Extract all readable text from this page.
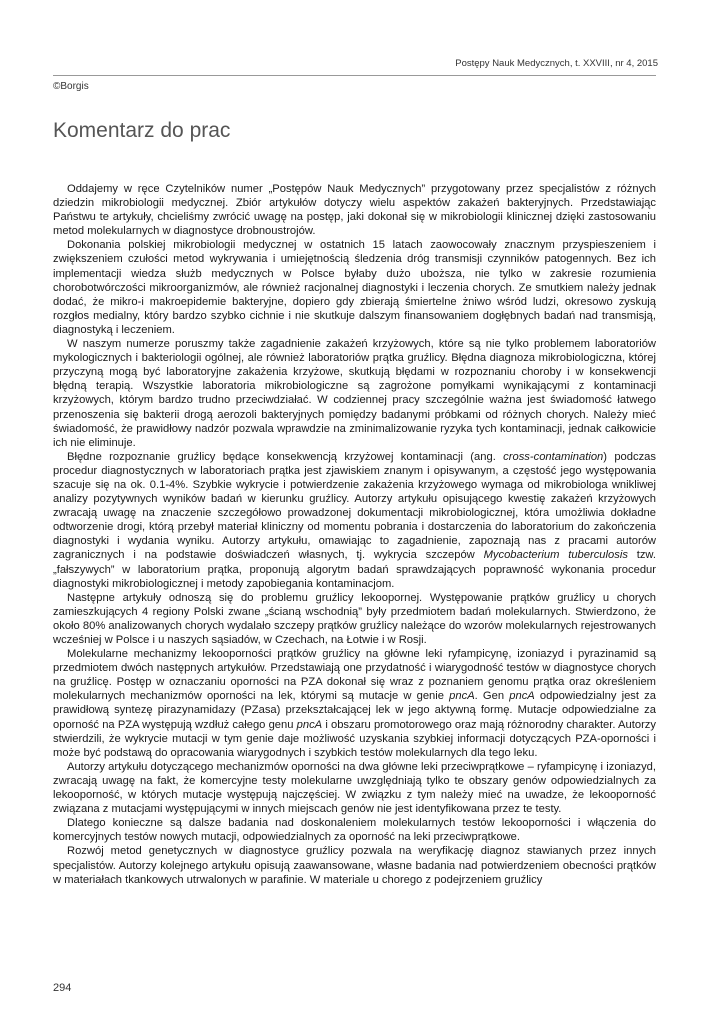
Postępy Nauk Medycznych, t. XXVIII, nr 4, 2015
©Borgis
Komentarz do prac

Oddajemy w ręce Czytelników numer „Postępów Nauk Medycznych” przygotowany przez specjalistów z różnych dziedzin mikrobiologii medycznej. Zbiór artykułów dotyczy wielu aspektów zakażeń bakteryjnych. Przedstawiając Państwu te artykuły, chcieliśmy zwrócić uwagę na postęp, jaki dokonał się w mikrobiologii klinicznej dzięki zastosowaniu metod molekularnych w diagnostyce drobnoustrojów.

Dokonania polskiej mikrobiologii medycznej w ostatnich 15 latach zaowocowały znacznym przyspieszeniem i zwiększeniem czułości metod wykrywania i umiejętnością śledzenia dróg transmisji czynników patogennych. Bez ich implementacji wiedza służb medycznych w Polsce byłaby dużo uboższa, nie tylko w zakresie rozumienia chorobotwórczości mikroorganizmów, ale również racjonalnej diagnostyki i leczenia chorych. Ze smutkiem należy jednak dodać, że mikro-i makroepidemie bakteryjne, dopiero gdy zbierają śmiertelne żniwo wśród ludzi, okresowo zyskują rozgłos medialny, który bardzo szybko cichnie i nie skutkuje dalszym finansowaniem dogłębnych badań nad transmisją, diagnostyką i leczeniem.

W naszym numerze poruszmy także zagadnienie zakażeń krzyżowych, które są nie tylko problemem laboratoriów mykologicznych i bakteriologii ogólnej, ale również laboratoriów prątka gruźlicy. Błędna diagnoza mikrobiologiczna, której przyczyną mogą być laboratoryjne zakażenia krzyżowe, skutkują błędami w rozpoznaniu choroby i w konsekwencji błędną terapią. Wszystkie laboratoria mikrobiologiczne są zagrożone pomyłkami wynikającymi z kontaminacji krzyżowych, którym bardzo trudno przeciwdziałać. W codziennej pracy szczególnie ważna jest świadomość łatwego przenoszenia się bakterii drogą aerozoli bakteryjnych pomiędzy badanymi próbkami od różnych chorych. Należy mieć świadomość, że prawidłowy nadzór pozwala wprawdzie na zminimalizowanie ryzyka tych kontaminacji, jednak całkowicie ich nie eliminuje.

Błędne rozpoznanie gruźlicy będące konsekwencją krzyżowej kontaminacji (ang. cross-contamination) podczas procedur diagnostycznych w laboratoriach prątka jest zjawiskiem znanym i opisywanym, a częstość jego występowania szacuje się na ok. 0.1-4%. Szybkie wykrycie i potwierdzenie zakażenia krzyżowego wymaga od mikrobiologa wnikliwej analizy pozytywnych wyników badań w kierunku gruźlicy. Autorzy artykułu opisującego kwestię zakażeń krzyżowych zwracają uwagę na znaczenie szczegółowo prowadzonej dokumentacji mikrobiologicznej, która umożliwia dokładne odtworzenie drogi, którą przebył materiał kliniczny od momentu pobrania i dostarczenia do laboratorium do zakończenia diagnostyki i wydania wyniku. Autorzy artykułu, omawiając to zagadnienie, zapoznają nas z pracami autorów zagranicznych i na podstawie doświadczeń własnych, tj. wykrycia szczepów Mycobacterium tuberculosis tzw. „fałszywych” w laboratorium prątka, proponują algorytm badań sprawdzających poprawność wykonania procedur diagnostyki mikrobiologicznej i metody zapobiegania kontaminacjom.

Następne artykuły odnoszą się do problemu gruźlicy lekoopornej. Występowanie prątków gruźlicy u chorych zamieszkujących 4 regiony Polski zwane „ścianą wschodnią” były przedmiotem badań molekularnych. Stwierdzono, że około 80% analizowanych chorych wydalało szczepy prątków gruźlicy należące do wzorów molekularnych rejestrowanych wcześniej w Polsce i u naszych sąsiadów, w Czechach, na Łotwie i w Rosji.

Molekularne mechanizmy lekooporności prątków gruźlicy na główne leki ryfampicynę, izoniazyd i pyrazinamid są przedmiotem dwóch następnych artykułów. Przedstawiają one przydatność i wiarygodność testów w diagnostyce chorych na gruźlicę. Postęp w oznaczaniu oporności na PZA dokonał się wraz z poznaniem genomu prątka oraz określeniem molekularnych mechanizmów oporności na lek, którymi są mutacje w genie pncA. Gen pncA odpowiedzialny jest za prawidłową syntezę pirazynamidazy (PZasa) przekształcającej lek w jego aktywną formę. Mutacje odpowiedzialne za oporność na PZA występują wzdłuż całego genu pncA i obszaru promotorowego oraz mają różnorodny charakter. Autorzy stwierdzili, że wykrycie mutacji w tym genie daje możliwość uzyskania szybkiej informacji dotyczących PZA-oporności i może być podstawą do opracowania wiarygodnych i szybkich testów molekularnych dla tego leku.

Autorzy artykułu dotyczącego mechanizmów oporności na dwa główne leki przeciwprątkowe – ryfampicynę i izoniazyd, zwracają uwagę na fakt, że komercyjne testy molekularne uwzględniają tylko te obszary genów odpowiedzialnych za lekooporność, w których mutacje występują najczęściej. W związku z tym należy mieć na uwadze, że lekooporność związana z mutacjami występującymi w innych miejscach genów nie jest identyfikowana przez te testy.

Dlatego konieczne są dalsze badania nad doskonaleniem molekularnych testów lekooporności i włączenia do komercyjnych testów nowych mutacji, odpowiedzialnych za oporność na leki przeciwprątkowe.

Rozwój metod genetycznych w diagnostyce gruźlicy pozwala na weryfikację diagnoz stawianych przez innych specjalistów. Autorzy kolejnego artykułu opisują zaawansowane, własne badania nad potwierdzeniem obecności prątków w materiałach tkankowych utrwalonych w parafinie. W materiale u chorego z podejrzeniem gruźlicy

294
